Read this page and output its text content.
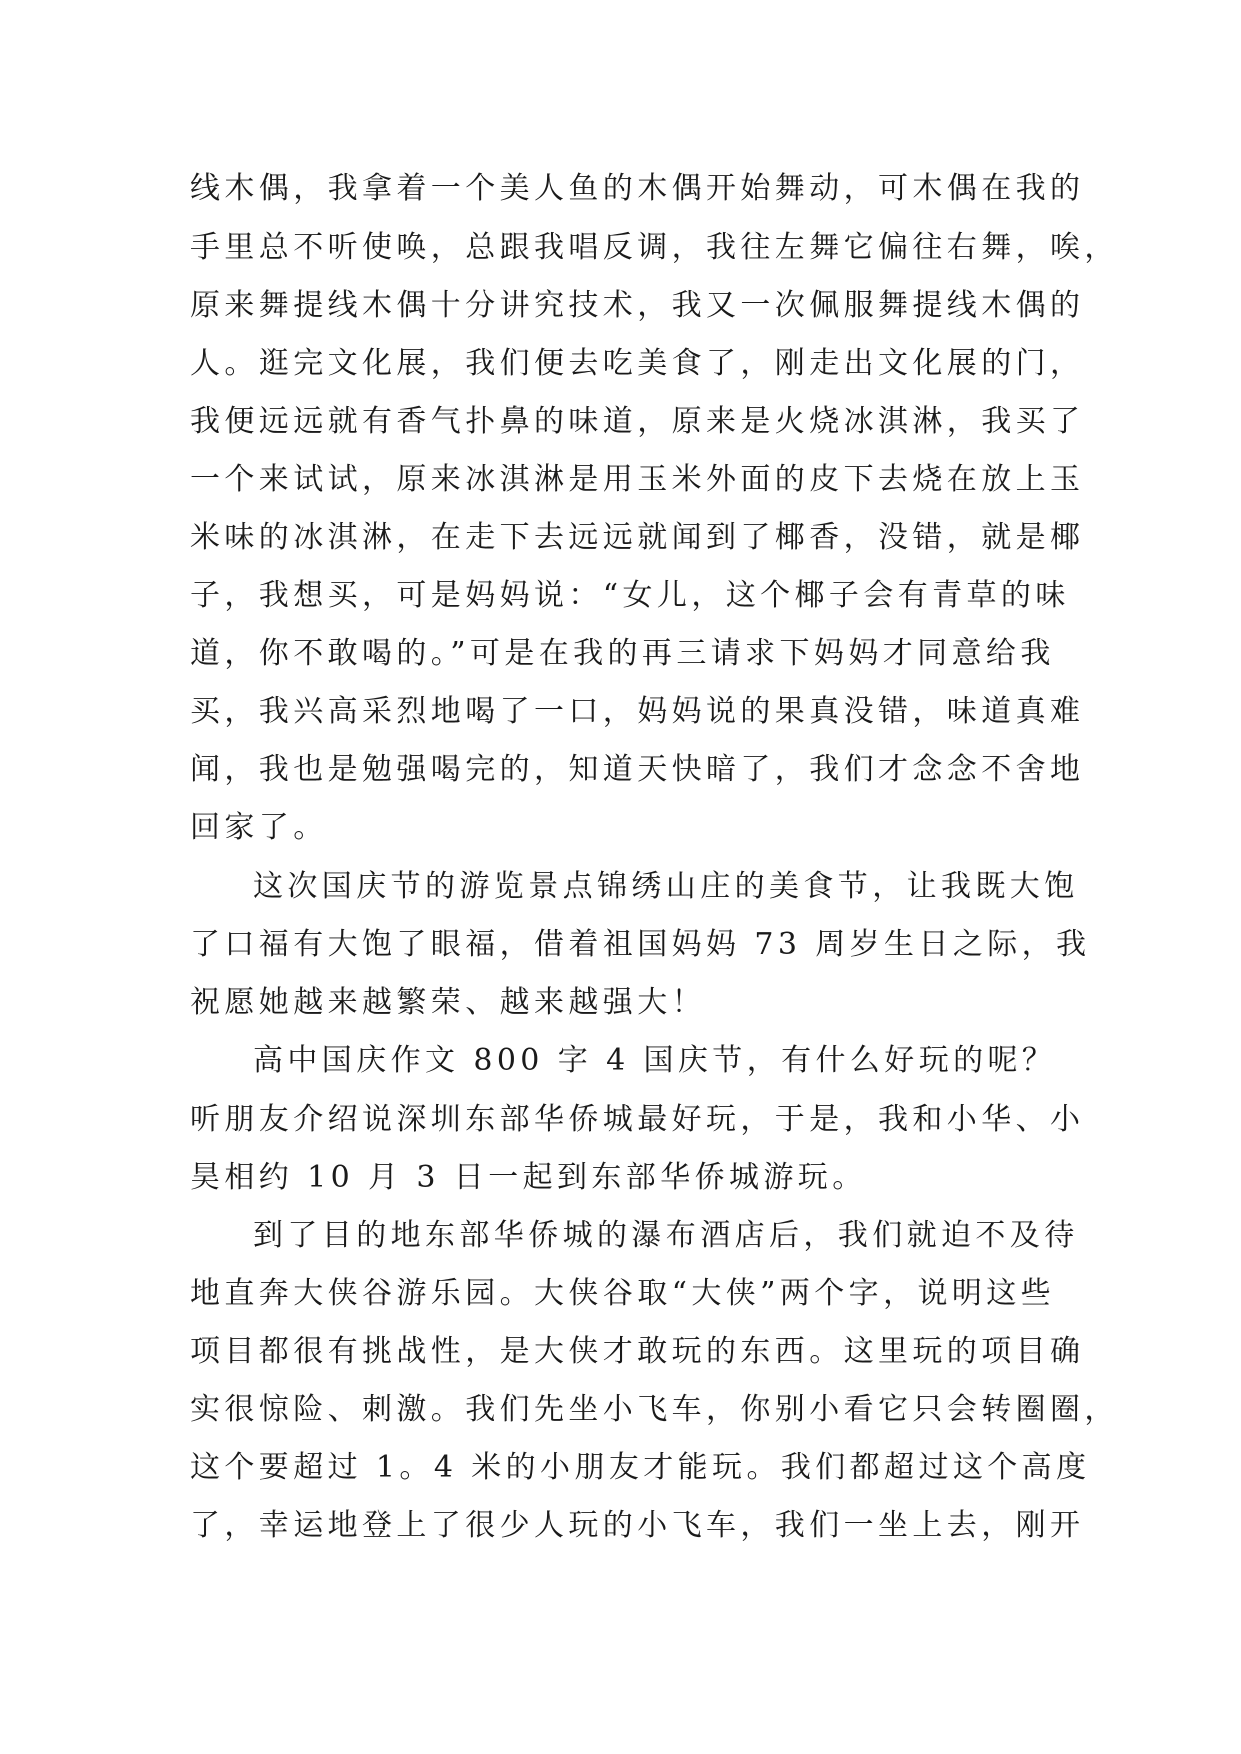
线木偶，我拿着一个美人鱼的木偶开始舞动，可木偶在我的
手里总不听使唤，总跟我唱反调，我往左舞它偏往右舞，唉，
原来舞提线木偶十分讲究技术，我又一次佩服舞提线木偶的
人。逛完文化展，我们便去吃美食了，刚走出文化展的门，
我便远远就有香气扑鼻的味道，原来是火烧冰淇淋，我买了
一个来试试，原来冰淇淋是用玉米外面的皮下去烧在放上玉
米味的冰淇淋，在走下去远远就闻到了椰香，没错，就是椰
子，我想买，可是妈妈说：“女儿，这个椰子会有青草的味
道，你不敢喝的。”可是在我的再三请求下妈妈才同意给我
买，我兴高采烈地喝了一口，妈妈说的果真没错，味道真难
闻，我也是勉强喝完的，知道天快暗了，我们才念念不舍地
回家了。
这次国庆节的游览景点锦绣山庄的美食节，让我既大饱
了口福有大饱了眼福，借着祖国妈妈 73 周岁生日之际，我
祝愿她越来越繁荣、越来越强大！
高中国庆作文 800 字 4 国庆节，有什么好玩的呢？
听朋友介绍说深圳东部华侨城最好玩，于是，我和小华、小
昊相约 10 月 3 日一起到东部华侨城游玩。
到了目的地东部华侨城的瀑布酒店后，我们就迫不及待
地直奔大侠谷游乐园。大侠谷取“大侠”两个字，说明这些
项目都很有挑战性，是大侠才敢玩的东西。这里玩的项目确
实很惊险、刺激。我们先坐小飞车，你别小看它只会转圈圈，
这个要超过 1。4 米的小朋友才能玩。我们都超过这个高度
了，幸运地登上了很少人玩的小飞车，我们一坐上去，刚开
